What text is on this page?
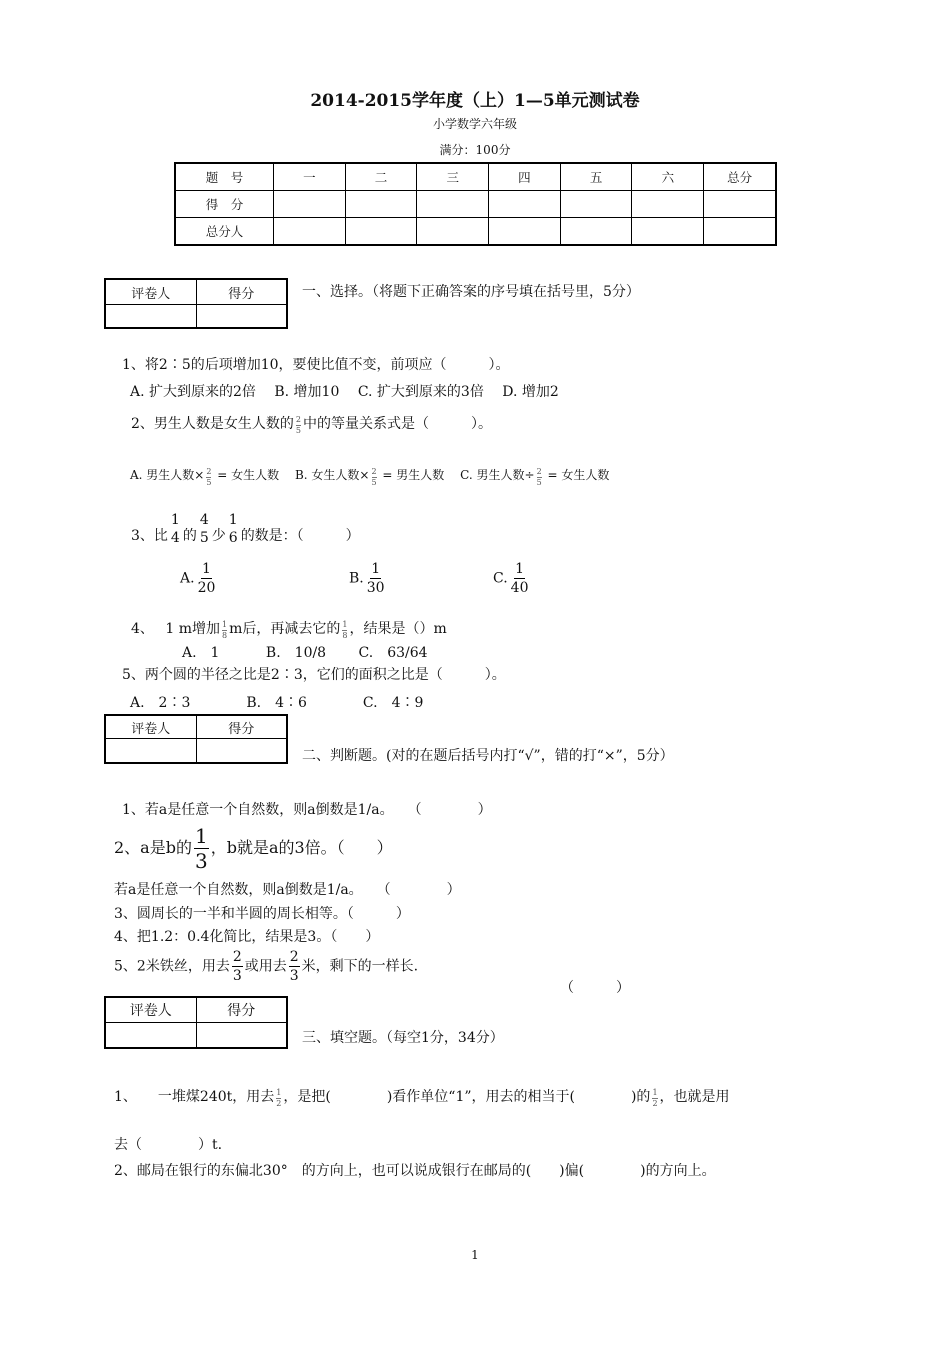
2014-2015学年度（上）1—5单元测试卷
小学数学六年级
满分：100分
题　号	一	二	三	四	五	六	总分
得　分							
总分人							
评卷人	得分
		一、选择。（将题下正确答案的序号填在括号里，5分）
1、将2∶5的后项增加10，要使比值不变，前项应（　　　）。
A. 扩大到原来的2倍　 B. 增加10　 C. 扩大到原来的3倍　 D. 增加2
2、男生人数是女生人数的 $\frac{2}{5}$ 中的等量关系式是（　　　）。
A. 男生人数× $\frac{2}{5}$ = 女生人数　 B. 女生人数× $\frac{2}{5}$ = 男生人数　 C. 男生人数÷ $\frac{2}{5}$ = 女生人数
3、比
1
4 的
4
5 少
1
6 的数是：（　　　）
A. $\frac{1}{20}$	B. $\frac{1}{30}$	C. $\frac{1}{40}$
4、　 1 m增加 $\frac{1}{8}$ m后，再减去它的 $\frac{1}{8}$ ，结果是（）m
A.　1　　　 B.　10/8　　 C.　63/64
5、两个圆的半径之比是2∶3，它们的面积之比是（　　　）。
A.　2∶3　　　　B.　4∶6　　　　C.　4∶9
评卷人	得分

二、判断题。(对的在题后括号内打“√”，错的打“×”，5分）
1、若a是任意一个自然数，则a倒数是1/a。　　（　　　　）
2、a是b的 $\frac{1}{3}$ ，b就是a的3倍。（　　）
若a是任意一个自然数，则a倒数是1/a。　　（　　　　）
3、圆周长的一半和半圆的周长相等。（　　　）
4、把1.2：0.4化简比，结果是3。（　　）
5、2米铁丝，用去 $\frac{2}{3}$ 或用去 $\frac{2}{3}$ 米，剩下的一样长.
（　　　）
评卷人	得分

三、填空题。（每空1分，34分）
1、　　一堆煤240t，用去 $\frac{1}{2}$ ，是把(　　　　)看作单位“1”，用去的相当于(　　　　)的 $\frac{1}{2}$ ，也就是用
去（　　　　）t.
2、邮局在银行的东偏北30°　的方向上，也可以说成银行在邮局的(　　)偏(　　　　)的方向上。
1
